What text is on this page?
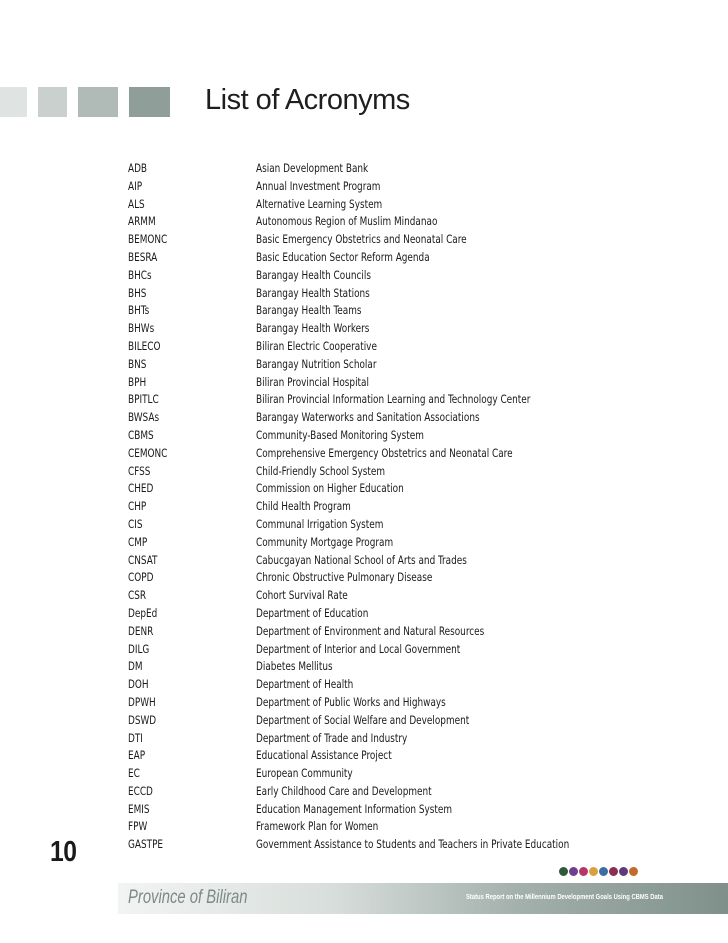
List of Acronyms
ADB	Asian Development Bank
AIP	Annual Investment Program
ALS	Alternative Learning System
ARMM	Autonomous Region of Muslim Mindanao
BEMONC	Basic Emergency Obstetrics and Neonatal Care
BESRA	Basic Education Sector Reform Agenda
BHCs	Barangay Health Councils
BHS	Barangay Health Stations
BHTs	Barangay Health Teams
BHWs	Barangay Health Workers
BILECO	Biliran Electric Cooperative
BNS	Barangay Nutrition Scholar
BPH	Biliran Provincial Hospital
BPITLC	Biliran Provincial Information Learning and Technology Center
BWSAs	Barangay Waterworks and Sanitation Associations
CBMS	Community-Based Monitoring System
CEMONC	Comprehensive Emergency Obstetrics and Neonatal Care
CFSS	Child-Friendly School System
CHED	Commission on Higher Education
CHP	Child Health Program
CIS	Communal Irrigation System
CMP	Community Mortgage Program
CNSAT	Cabucgayan National School of Arts and Trades
COPD	Chronic Obstructive Pulmonary Disease
CSR	Cohort Survival Rate
DepEd	Department of Education
DENR	Department of Environment and Natural Resources
DILG	Department of Interior and Local Government
DM	Diabetes Mellitus
DOH	Department of Health
DPWH	Department of Public Works and Highways
DSWD	Department of Social Welfare and Development
DTI	Department of Trade and Industry
EAP	Educational Assistance Project
EC	European Community
ECCD	Early Childhood Care and Development
EMIS	Education Management Information System
FPW	Framework Plan for Women
GASTPE	Government Assistance to Students and Teachers in Private Education
10
Province of Biliran	Status Report on the Millennium Development Goals Using CBMS Data
